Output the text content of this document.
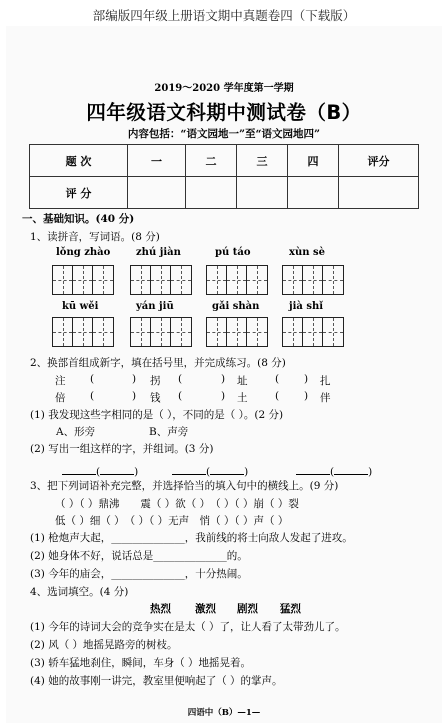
部编版四年级上册语文期中真题卷四（下载版）
2019～2020 学年度第一学期
四年级语文科期中测试卷（B）
内容包括：“语文园地一”至“语文园地四”
题 次	一	二	三	四	评分
评 分					
一、基础知识。(40 分)
1、读拼音，写词语。(8 分)
lǒng zhào	zhú jiàn	pú táo	xùn sè
kū wěi	yán jiū	gǎi shàn	jià shǐ
2、换部首组成新字，填在括号里，并完成练习。(8 分)
注 (	) 拐 (	) 址	( ) 扎
倍 (	) 钱 (	) 土	( ) 伴
(1) 我发现这些字相同的是（ ），不同的是（ ）。(2 分)
A、形旁	B、声旁
(2) 写出一组这样的字，并组词。(3 分)
(	)	(	)	(	)
3、把下列词语补充完整，并选择恰当的填入句中的横线上。(9 分)
（ ）（ ）鼎沸　　震（ ）欲（ ）　（ ）（ ）崩（ ）裂
低（ ）细（ ）　（ ）（ ）无声　悄（ ）（ ）声（ ）
(1) 枪炮声大起，______________，我前线的将士向敌人发起了进攻。
(2) 她身体不好，说话总是______________的。
(3) 今年的庙会，______________，十分热闹。
4、选词填空。(4 分)
热烈 激烈 剧烈 猛烈
(1) 今年的诗词大会的竞争实在是太（ ）了，让人看了太带劲儿了。
(2) 风（ ）地摇晃路旁的树枝。
(3) 轿车猛地刹住，瞬间，车身（ ）地摇晃着。
(4) 她的故事刚一讲完，教室里便响起了（ ）的掌声。
四语中（B）—1—
